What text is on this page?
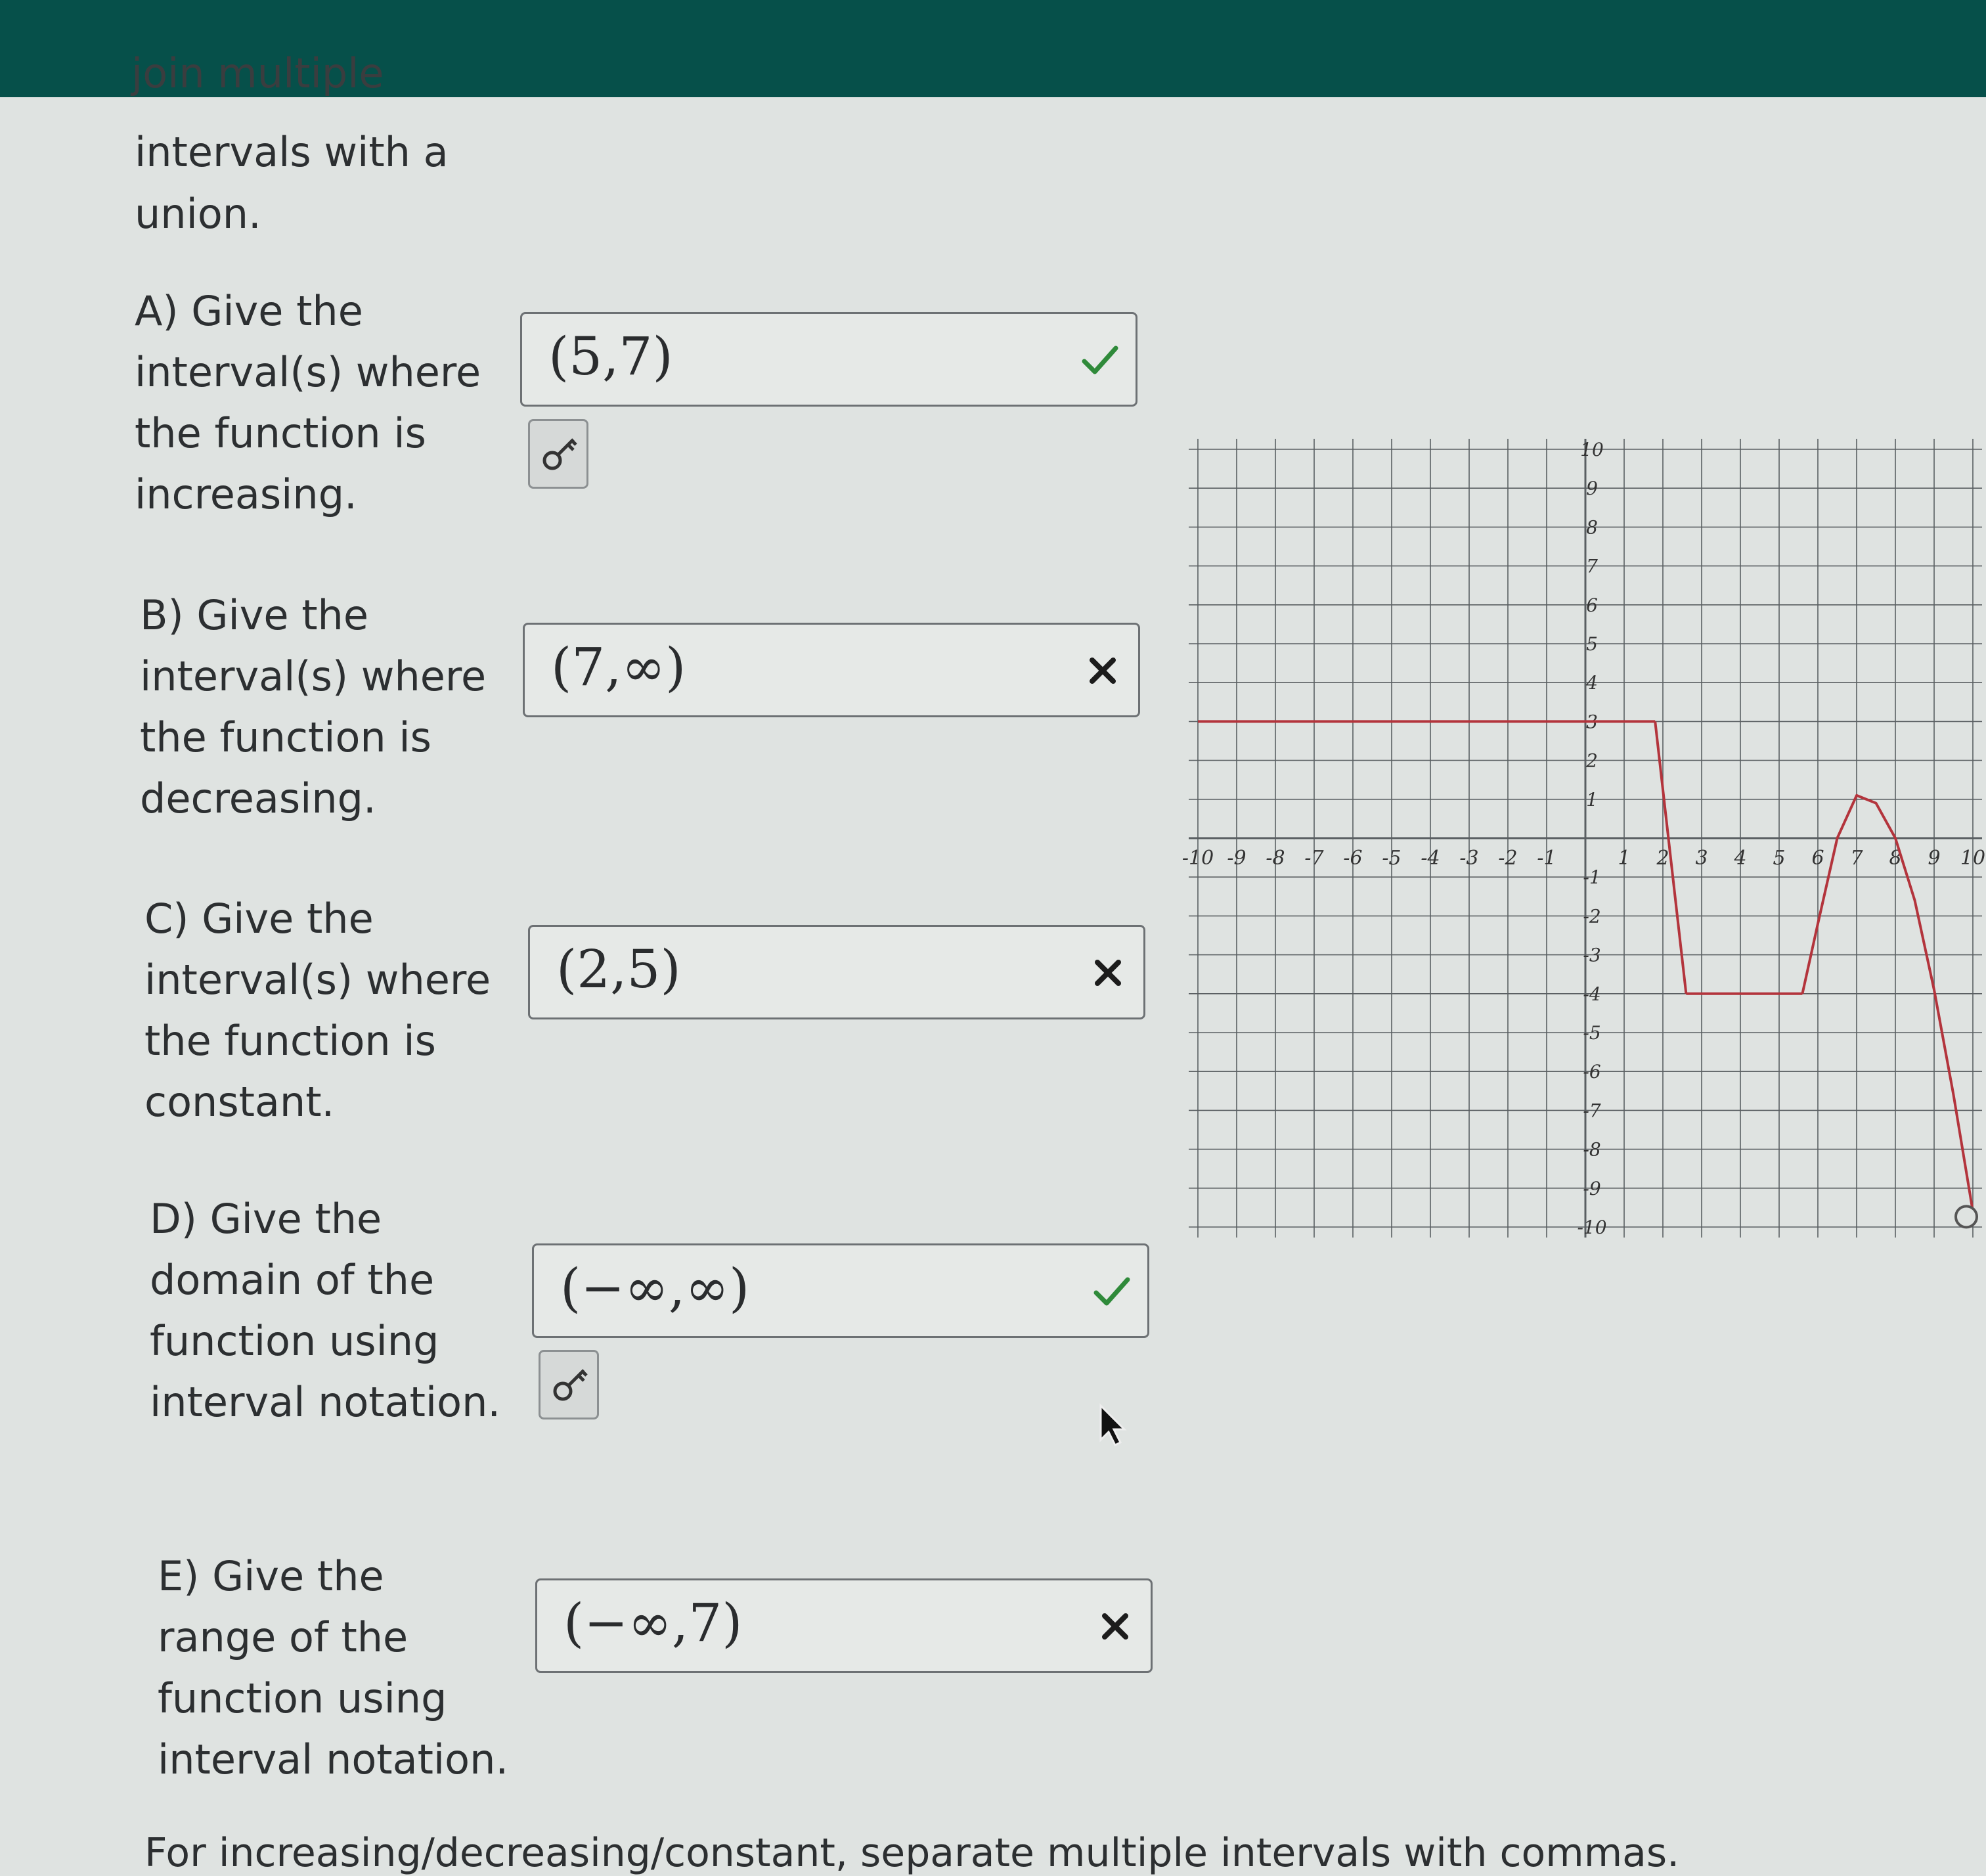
join multiple
intervals with a
union.
A) Give the
interval(s) where
the function is
increasing.
(5,7)
B) Give the
interval(s) where
the function is
decreasing.
(7,∞)
C) Give the
interval(s) where
the function is
constant.
(2,5)
D) Give the
domain of the
function using
interval notation.
(−∞,∞)
E) Give the
range of the
function using
interval notation.
(−∞,7)
-10 -9 -8 -7 -6 -5 -4 -3 -2 -1	1 2 3 4 5 6 7 8 9 10
10
9
8
7
6
5
4
3
2
1
-1
-2
-3
-4
-5
-6
-7
-8
-9
-10
For increasing/decreasing/constant, separate multiple intervals with commas.
